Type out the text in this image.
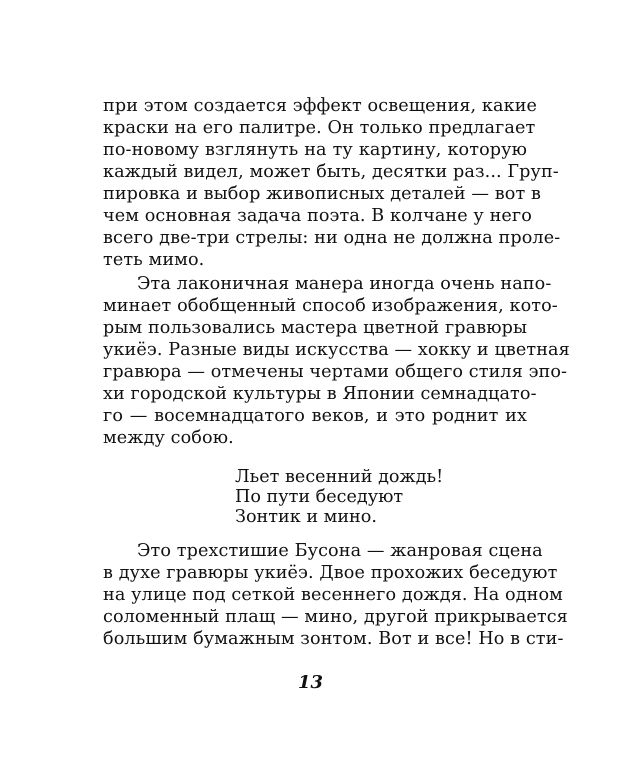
при этом создается эффект освещения, какие
краски на его палитре. Он только предлагает
по-новому взглянуть на ту картину, которую
каждый видел, может быть, десятки раз... Груп-
пировка и выбор живописных деталей — вот в
чем основная задача поэта. В колчане у него
всего две-три стрелы: ни одна не должна проле-
теть мимо.
Эта лаконичная манера иногда очень напо-
минает обобщенный способ изображения, кото-
рым пользовались мастера цветной гравюры
укиёэ. Разные виды искусства — хокку и цветная
гравюра — отмечены чертами общего стиля эпо-
хи городской культуры в Японии семнадцато-
го — восемнадцатого веков, и это роднит их
между собою.
Льет весенний дождь!
По пути беседуют
Зонтик и мино.
Это трехстишие Бусона — жанровая сцена
в духе гравюры укиёэ. Двое прохожих беседуют
на улице под сеткой весеннего дождя. На одном
соломенный плащ — мино, другой прикрывается
большим бумажным зонтом. Вот и все! Но в сти-
13
